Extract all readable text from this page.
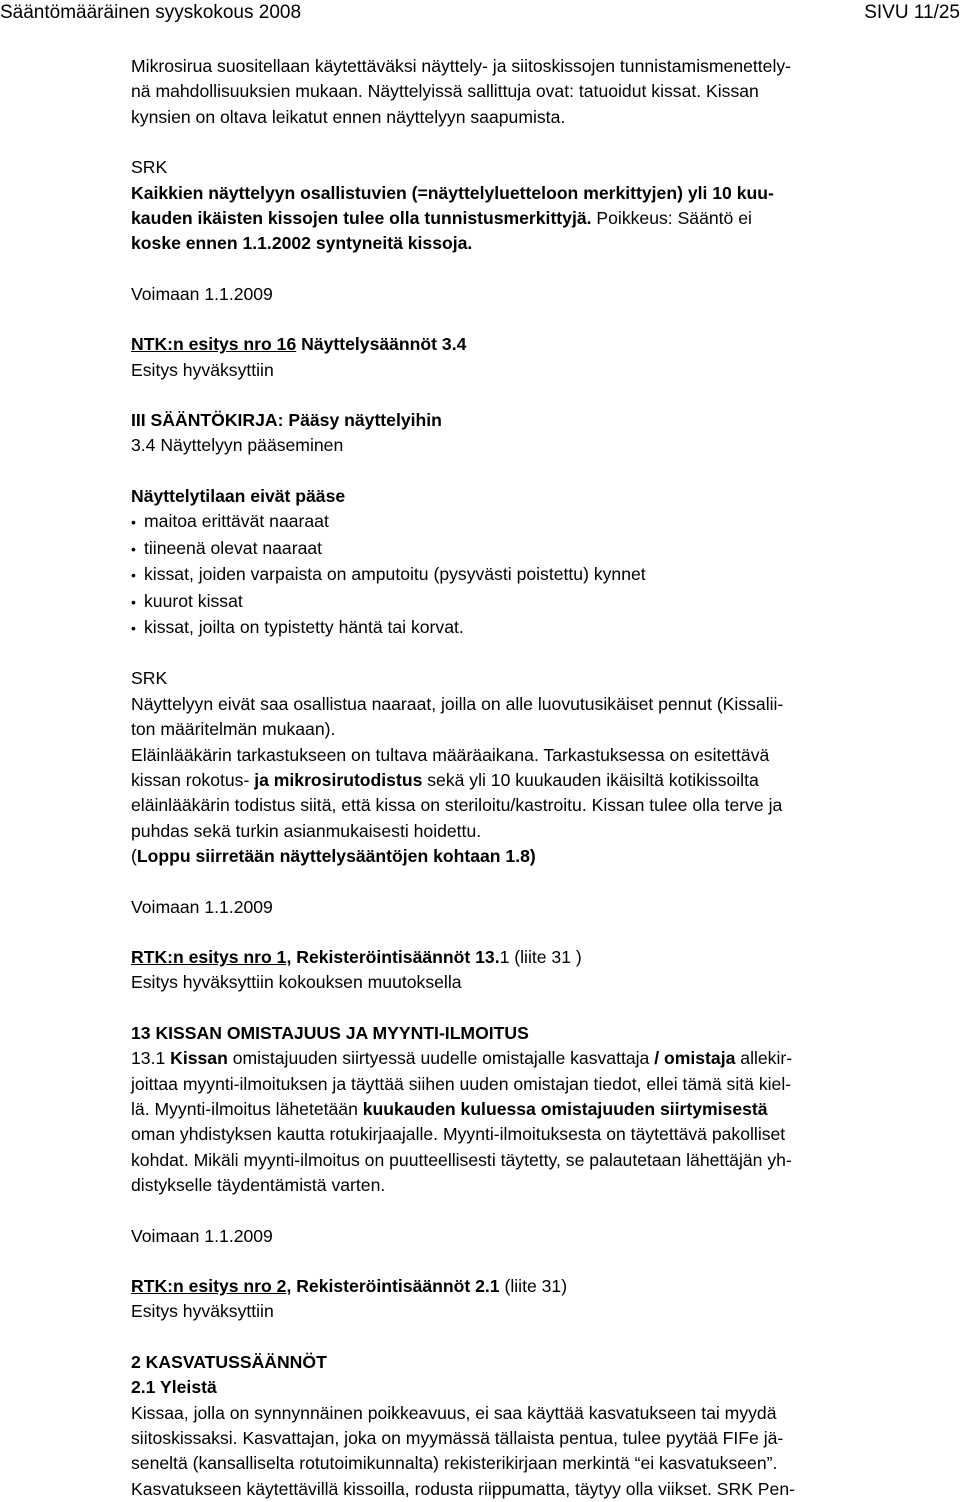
Sääntömääräinen syyskokous 2008	SIVU 11/25

Mikrosirua suositellaan käytettäväksi näyttely- ja siitoskissojen tunnistamismenettely-

nä mahdollisuuksien mukaan. Näyttelyissä sallittuja ovat: tatuoidut kissat. Kissan

kynsien on oltava leikatut ennen näyttelyyn saapumista.

SRK

Kaikkien näyttelyyn osallistuvien (=näyttelyluetteloon merkittyjen) yli 10 kuu-

kauden ikäisten kissojen tulee olla tunnistusmerkittyjä. Poikkeus: Sääntö ei

koske ennen 1.1.2002 syntyneitä kissoja.

Voimaan 1.1.2009

NTK:n esitys nro 16 Näyttelysäännöt 3.4

Esitys hyväksyttiin

III SÄÄNTÖKIRJA: Pääsy näyttelyihin

3.4 Näyttelyyn pääseminen

Näyttelytilaan eivät pääse

• maitoa erittävät naaraat

• tiineenä olevat naaraat

• kissat, joiden varpaista on amputoitu (pysyvästi poistettu) kynnet

• kuurot kissat

• kissat, joilta on typistetty häntä tai korvat.

SRK

Näyttelyyn eivät saa osallistua naaraat, joilla on alle luovutusikäiset pennut (Kissalii-

ton määritelmän mukaan).

Eläinlääkärin tarkastukseen on tultava määräaikana. Tarkastuksessa on esitettävä

kissan rokotus- ja mikrosirutodistus sekä yli 10 kuukauden ikäisiltä kotikissoilta

eläinlääkärin todistus siitä, että kissa on steriloitu/kastroitu. Kissan tulee olla terve ja

puhdas sekä turkin asianmukaisesti hoidettu.

(Loppu siirretään näyttelysääntöjen kohtaan 1.8)

Voimaan 1.1.2009

RTK:n esitys nro 1, Rekisteröintisäännöt 13.1 (liite 31 )

Esitys hyväksyttiin kokouksen muutoksella

13 KISSAN OMISTAJUUS JA MYYNTI-ILMOITUS

13.1 Kissan omistajuuden siirtyessä uudelle omistajalle kasvattaja / omistaja allekir-

joittaa myynti-ilmoituksen ja täyttää siihen uuden omistajan tiedot, ellei tämä sitä kiel-

lä. Myynti-ilmoitus lähetetään kuukauden kuluessa omistajuuden siirtymisestä

oman yhdistyksen kautta rotukirjaajalle. Myynti-ilmoituksesta on täytettävä pakolliset

kohdat. Mikäli myynti-ilmoitus on puutteellisesti täytetty, se palautetaan lähettäjän yh-

distykselle täydentämistä varten.

Voimaan 1.1.2009

RTK:n esitys nro 2, Rekisteröintisäännöt 2.1 (liite 31)

Esitys hyväksyttiin

2 KASVATUSSÄÄNNÖT

2.1 Yleistä

Kissaa, jolla on synnynnäinen poikkeavuus, ei saa käyttää kasvatukseen tai myydä

siitoskissaksi. Kasvattajan, joka on myymässä tällaista pentua, tulee pyytää FIFe jä-

seneltä (kansalliselta rotutoimikunnalta) rekisterikirjaan merkintä “ei kasvatukseen”.

Kasvatukseen käytettävillä kissoilla, rodusta riippumatta, täytyy olla viikset. SRK Pen-
